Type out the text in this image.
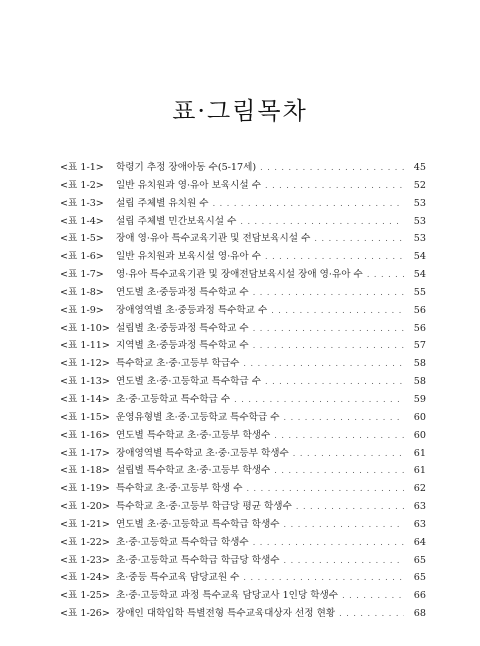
표·그림목차
<표 1-1>	학령기 추정 장애아동 수(5-17세) . . .	45
<표 1-2>	일반 유치원과 영·유아 보육시설 수 . . .	52
<표 1-3>	설립 주체별 유치원 수 . . .	53
<표 1-4>	설립 주체별 민간보육시설 수 . . .	53
<표 1-5>	장애 영·유아 특수교육기관 및 전담보육시설 수 . . .	53
<표 1-6>	일반 유치원과 보육시설 영·유아 수 . . .	54
<표 1-7>	영·유아 특수교육기관 및 장애전담보육시설 장애 영·유아 수 . . .	54
<표 1-8>	연도별 초·중등과정 특수학교 수 . . .	55
<표 1-9>	장애영역별 초·중등과정 특수학교 수 . . .	56
<표 1-10> 설립별 초·중등과정 특수학교 수 . . .	56
<표 1-11> 지역별 초·중등과정 특수학교 수 . . .	57
<표 1-12> 특수학교 초·중·고등부 학급수 . . .	58
<표 1-13> 연도별 초·중·고등학교 특수학급 수 . . .	58
<표 1-14> 초·중·고등학교 특수학급 수 . . .	59
<표 1-15> 운영유형별 초·중·고등학교 특수학급 수 . . .	60
<표 1-16> 연도별 특수학교 초·중·고등부 학생수 . . .	60
<표 1-17> 장애영역별 특수학교 초·중·고등부 학생수 . . .	61
<표 1-18> 설립별 특수학교 초·중·고등부 학생수 . . .	61
<표 1-19> 특수학교 초·중·고등부 학생 수 . . .	62
<표 1-20> 특수학교 초·중·고등부 학급당 평균 학생수 . . .	63
<표 1-21> 연도별 초·중·고등학교 특수학급 학생수 . . .	63
<표 1-22> 초·중·고등학교 특수학급 학생수 . . .	64
<표 1-23> 초·중·고등학교 특수학급 학급당 학생수 . . .	65
<표 1-24> 초·중등 특수교육 담당교원 수 . . .	65
<표 1-25> 초·중·고등학교 과정 특수교육 담당교사 1인당 학생수 . . .	66
<표 1-26> 장애인 대학입학 특별전형 특수교육대상자 선정 현황 . . .	68
